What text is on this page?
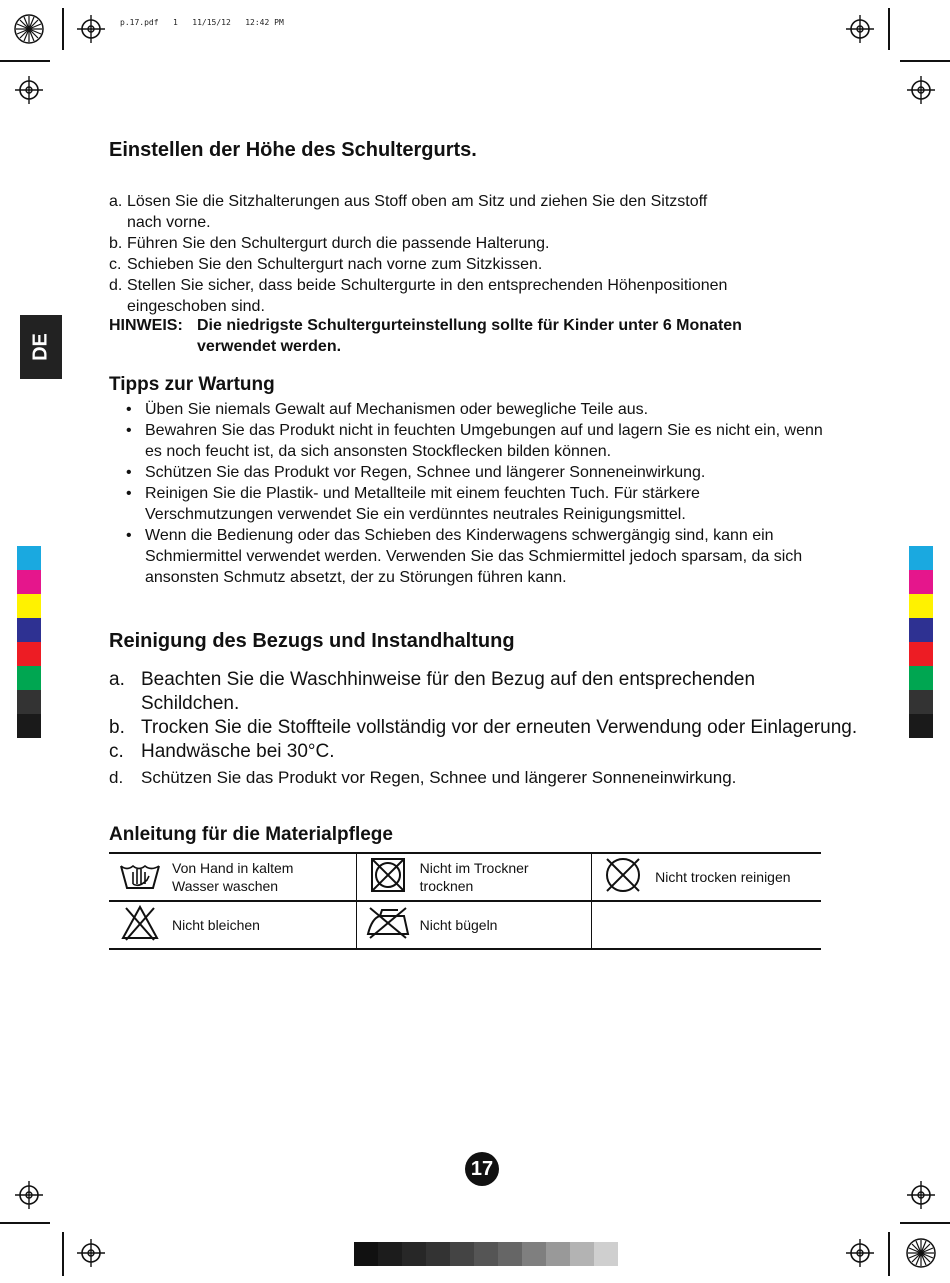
p.17.pdf   1   11/15/12   12:42 PM
DE
Einstellen der Höhe des Schultergurts.
a. Lösen Sie die Sitzhalterungen aus Stoff oben am Sitz und ziehen Sie den Sitzstoff nach vorne.
b. Führen Sie den Schultergurt durch die passende Halterung.
c. Schieben Sie den Schultergurt nach vorne zum Sitzkissen.
d. Stellen Sie sicher, dass beide Schultergurte in den entsprechenden Höhenpositionen eingeschoben sind.
HINWEIS: Die niedrigste Schultergurteinstellung sollte für Kinder unter 6 Monaten verwendet werden.
Tipps zur Wartung
• Üben Sie niemals Gewalt auf Mechanismen oder bewegliche Teile aus.
• Bewahren Sie das Produkt nicht in feuchten Umgebungen auf und lagern Sie es nicht ein, wenn es noch feucht ist, da sich ansonsten Stockflecken bilden können.
• Schützen Sie das Produkt vor Regen, Schnee und längerer Sonneneinwirkung.
• Reinigen Sie die Plastik- und Metallteile mit einem feuchten Tuch. Für stärkere Verschmutzungen verwendet Sie ein verdünntes neutrales Reinigungsmittel.
• Wenn die Bedienung oder das Schieben des Kinderwagens schwergängig sind, kann ein Schmiermittel verwendet werden. Verwenden Sie das Schmiermittel jedoch sparsam, da sich ansonsten Schmutz absetzt, der zu Störungen führen kann.
Reinigung des Bezugs und Instandhaltung
a. Beachten Sie die Waschhinweise für den Bezug auf den entsprechenden Schildchen.
b. Trocken Sie die Stoffteile vollständig vor der erneuten Verwendung oder Einlagerung.
c. Handwäsche bei 30°C.
d. Schützen Sie das Produkt vor Regen, Schnee und längerer Sonneneinwirkung.
Anleitung für die Materialpflege

Von Hand in kaltem Wasser waschen		Nicht im Trockner trocknen		Nicht trocken reinigen
	Nicht bleichen		Nicht bügeln		
17
